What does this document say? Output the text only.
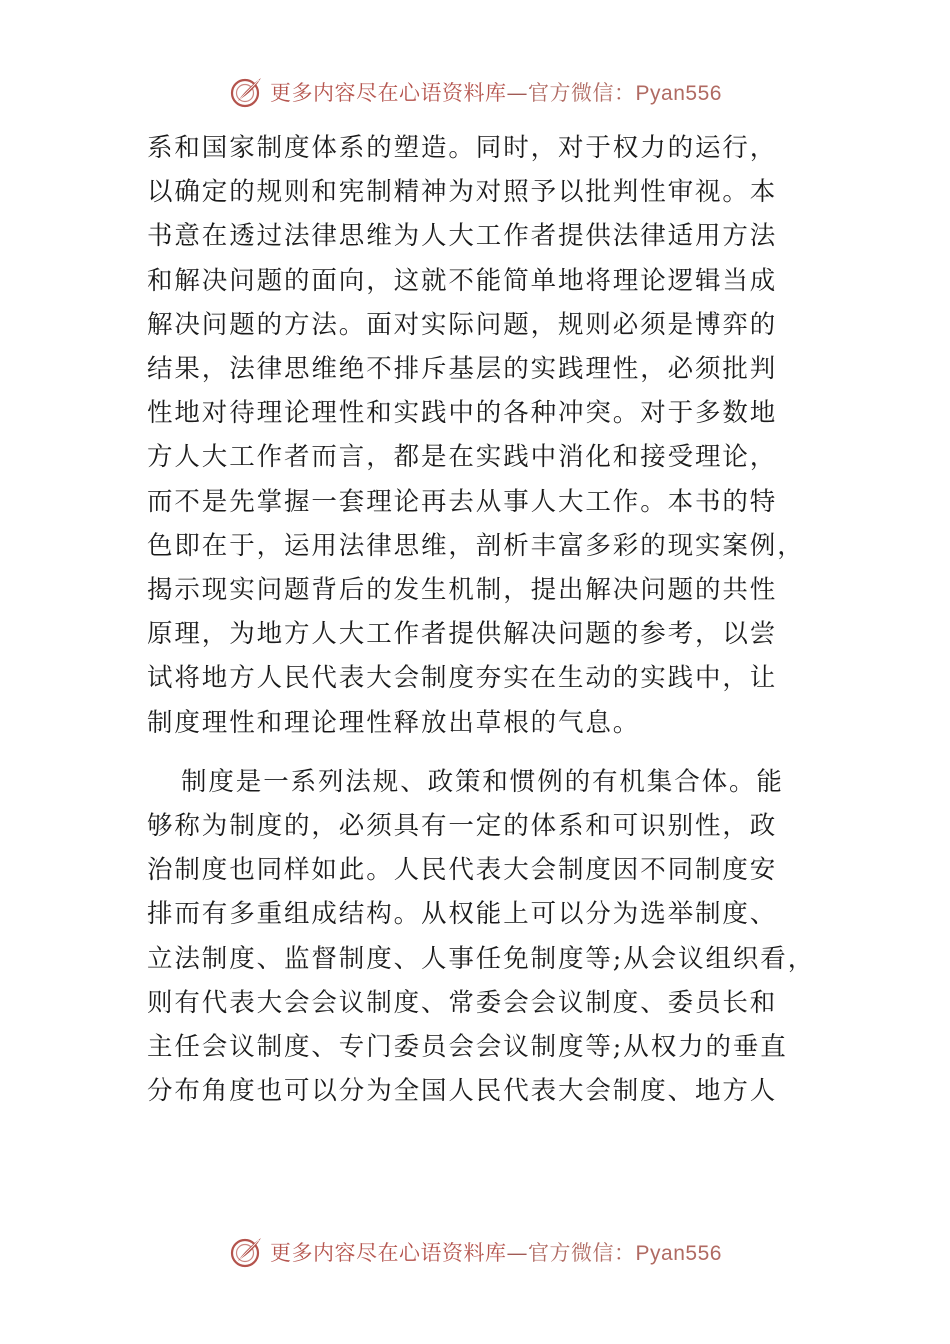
更多内容尽在心语资料库—官方微信：Pyan556

系和国家制度体系的塑造。同时，对于权力的运行，
以确定的规则和宪制精神为对照予以批判性审视。本
书意在透过法律思维为人大工作者提供法律适用方法
和解决问题的面向，这就不能简单地将理论逻辑当成
解决问题的方法。面对实际问题，规则必须是博弈的
结果，法律思维绝不排斥基层的实践理性，必须批判
性地对待理论理性和实践中的各种冲突。对于多数地
方人大工作者而言，都是在实践中消化和接受理论，
而不是先掌握一套理论再去从事人大工作。本书的特
色即在于，运用法律思维，剖析丰富多彩的现实案例，
揭示现实问题背后的发生机制，提出解决问题的共性
原理，为地方人大工作者提供解决问题的参考，以尝
试将地方人民代表大会制度夯实在生动的实践中，让
制度理性和理论理性释放出草根的气息。

制度是一系列法规、政策和惯例的有机集合体。能
够称为制度的，必须具有一定的体系和可识别性，政
治制度也同样如此。人民代表大会制度因不同制度安
排而有多重组成结构。从权能上可以分为选举制度、
立法制度、监督制度、人事任免制度等;从会议组织看，
则有代表大会会议制度、常委会会议制度、委员长和
主任会议制度、专门委员会会议制度等;从权力的垂直
分布角度也可以分为全国人民代表大会制度、地方人

更多内容尽在心语资料库—官方微信：Pyan556
